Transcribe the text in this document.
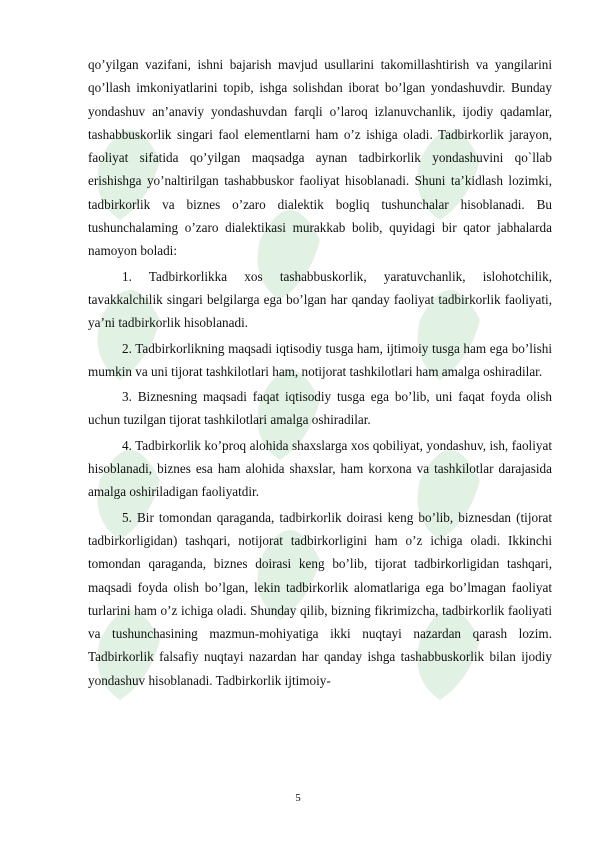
qo’yilgan vazifani, ishni bajarish mavjud usullarini takomillashtirish va yangilarini qo’llash imkoniyatlarini topib, ishga solishdan iborat bo’lgan yondashuvdir. Bunday yondashuv an’anaviy yondashuvdan farqli o’laroq izlanuvchanlik, ijodiy qadamlar, tashabbuskorlik singari faol elementlarni ham o’z ishiga oladi. Tadbirkorlik jarayon, faoliyat sifatida qo’yilgan maqsadga aynan tadbirkorlik yondashuvini qo`llab erishishga yo’naltirilgan tashabbuskor faoliyat hisoblanadi. Shuni ta’kidlash lozimki, tadbirkorlik va biznes o’zaro dialektik bogliq tushunchalar hisoblanadi. Bu tushunchalaming o’zaro dialektikasi murakkab bolib, quyidagi bir qator jabhalarda namoyon boladi:

1. Tadbirkorlikka xos tashabbuskorlik, yaratuvchanlik, islohotchilik, tavakkalchilik singari belgilarga ega bo’lgan har qanday faoliyat tadbirkorlik faoliyati, ya’ni tadbirkorlik hisoblanadi.

2. Tadbirkorlikning maqsadi iqtisodiy tusga ham, ijtimoiy tusga ham ega bo’lishi mumkin va uni tijorat tashkilotlari ham, notijorat tashkilotlari ham amalga oshiradilar.

3. Biznesning maqsadi faqat iqtisodiy tusga ega bo’lib, uni faqat foyda olish uchun tuzilgan tijorat tashkilotlari amalga oshiradilar.

4. Tadbirkorlik ko’proq alohida shaxslarga xos qobiliyat, yondashuv, ish, faoliyat hisoblanadi, biznes esa ham alohida shaxslar, ham korxona va tashkilotlar darajasida amalga oshiriladigan faoliyatdir.

5. Bir tomondan qaraganda, tadbirkorlik doirasi keng bo’lib, biznesdan (tijorat tadbirkorligidan) tashqari, notijorat tadbirkorligini ham o’z ichiga oladi. Ikkinchi tomondan qaraganda, biznes doirasi keng bo’lib, tijorat tadbirkorligidan tashqari, maqsadi foyda olish bo’lgan, lekin tadbirkorlik alomatlariga ega bo’lmagan faoliyat turlarini ham o’z ichiga oladi. Shunday qilib, bizning fikrimizcha, tadbirkorlik faoliyati va tushunchasining mazmun-mohiyatiga ikki nuqtayi nazardan qarash lozim. Tadbirkorlik falsafiy nuqtayi nazardan har qanday ishga tashabbuskorlik bilan ijodiy yondashuv hisoblanadi. Tadbirkorlik ijtimoiy-

5
